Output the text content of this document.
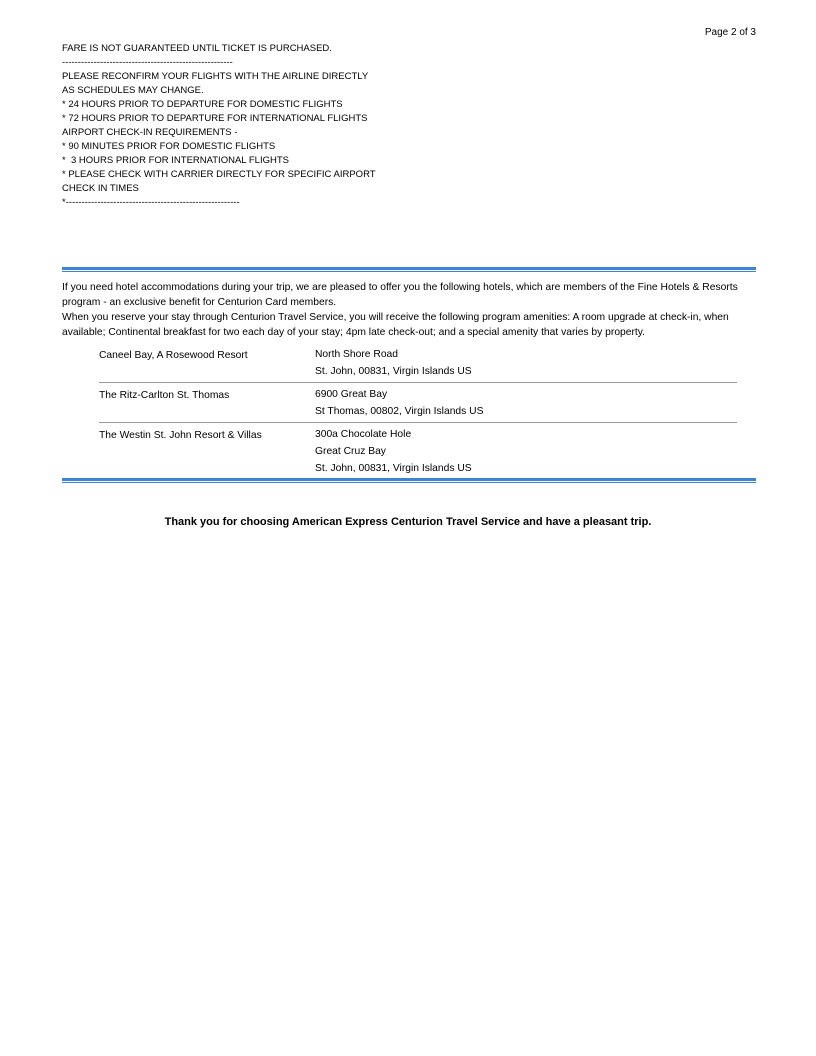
Page 2 of 3
FARE IS NOT GUARANTEED UNTIL TICKET IS PURCHASED.
------------------------------------------------------
PLEASE RECONFIRM YOUR FLIGHTS WITH THE AIRLINE DIRECTLY
AS SCHEDULES MAY CHANGE.
* 24 HOURS PRIOR TO DEPARTURE FOR DOMESTIC FLIGHTS
* 72 HOURS PRIOR TO DEPARTURE FOR INTERNATIONAL FLIGHTS
AIRPORT CHECK-IN REQUIREMENTS -
* 90 MINUTES PRIOR FOR DOMESTIC FLIGHTS
*  3 HOURS PRIOR FOR INTERNATIONAL FLIGHTS
* PLEASE CHECK WITH CARRIER DIRECTLY FOR SPECIFIC AIRPORT
CHECK IN TIMES
*-------------------------------------------------------

If you need hotel accommodations during your trip, we are pleased to offer you the following hotels, which are members of the Fine Hotels & Resorts program - an exclusive benefit for Centurion Card members.

When you reserve your stay through Centurion Travel Service, you will receive the following program amenities: A room upgrade at check-in, when available; Continental breakfast for two each day of your stay; 4pm late check-out; and a special amenity that varies by property.

Caneel Bay, A Rosewood Resort	North Shore Road
St. John, 00831, Virgin Islands US
The Ritz-Carlton St. Thomas	6900 Great Bay
St Thomas, 00802, Virgin Islands US
The Westin St. John Resort & Villas	300a Chocolate Hole
Great Cruz Bay
St. John, 00831, Virgin Islands US
Thank you for choosing American Express Centurion Travel Service and have a pleasant trip.
